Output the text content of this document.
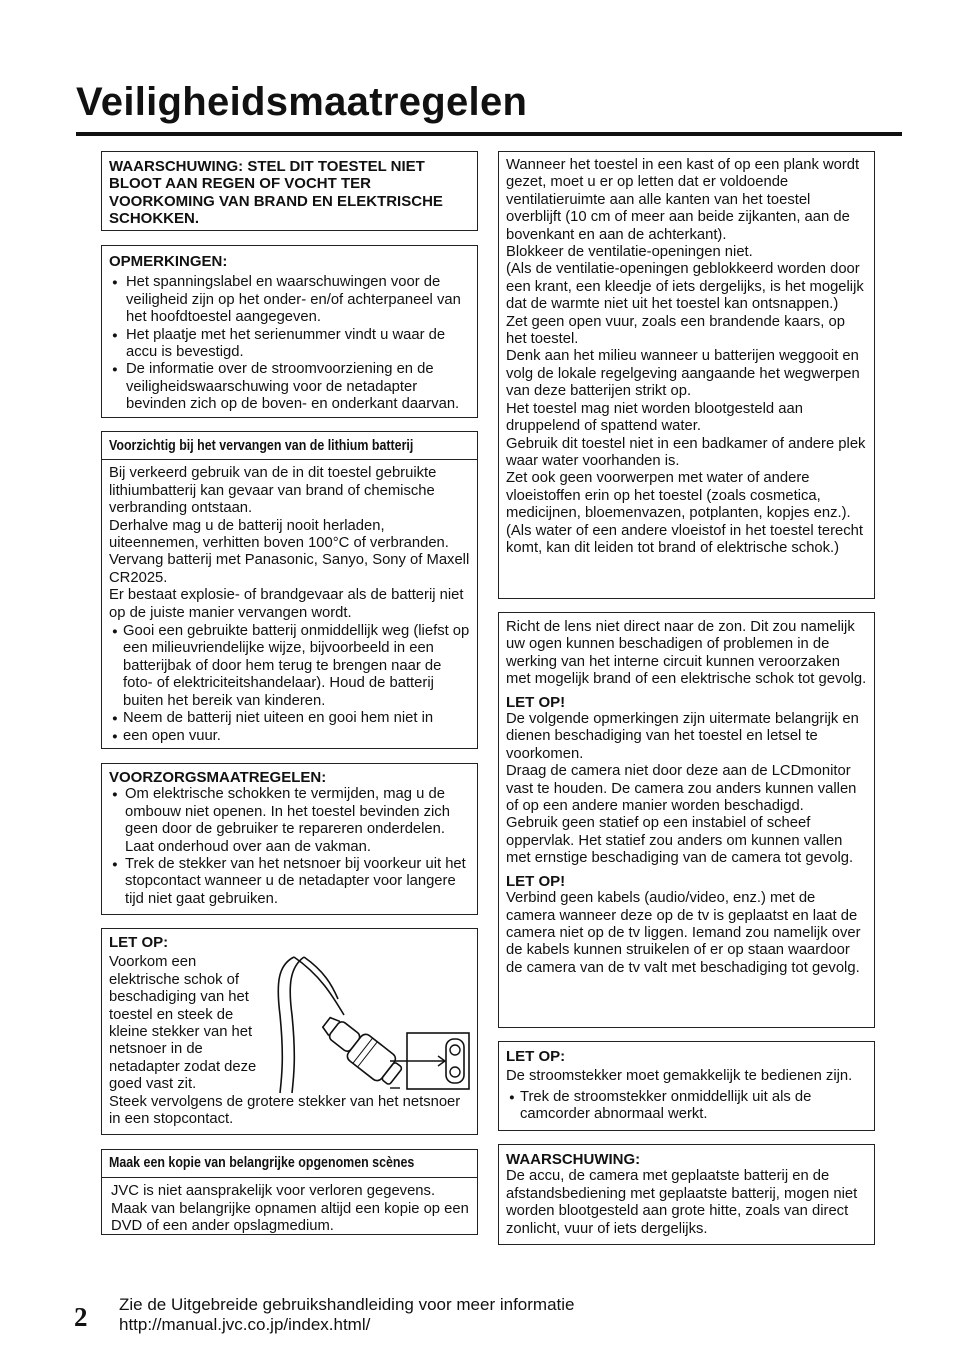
Veiligheidsmaatregelen

WAARSCHUWING: STEL DIT TOESTEL NIET BLOOT AAN REGEN OF VOCHT TER VOORKOMING VAN BRAND EN ELEKTRISCHE SCHOKKEN.

OPMERKINGEN:

● Het spanningslabel en waarschuwingen voor de veiligheid zijn op het onder- en/of achterpaneel van het hoofdtoestel aangegeven.
● Het plaatje met het serienummer vindt u waar de accu is bevestigd.
● De informatie over de stroomvoorziening en de veiligheidswaarschuwing voor de netadapter bevinden zich op de boven- en onderkant daarvan.

Voorzichtig bij het vervangen van de lithium batterij

Bij verkeerd gebruik van de in dit toestel gebruikte lithiumbatterij kan gevaar van brand of chemische verbranding ontstaan.

Derhalve mag u de batterij nooit herladen, uiteennemen, verhitten boven 100°C of verbranden.

Vervang batterij met Panasonic, Sanyo, Sony of Maxell CR2025.

Er bestaat explosie- of brandgevaar als de batterij niet op de juiste manier vervangen wordt.

● Gooi een gebruikte batterij onmiddellijk weg (liefst op een milieuvriendelijke wijze, bijvoorbeeld in een batterijbak of door hem terug te brengen naar de foto- of elektriciteitshandelaar). Houd de batterij buiten het bereik van kinderen.
● Neem de batterij niet uiteen en gooi hem niet in
● een open vuur.

VOORZORGSMAATREGELEN:

● Om elektrische schokken te vermijden, mag u de ombouw niet openen. In het toestel bevinden zich geen door de gebruiker te repareren onderdelen. Laat onderhoud over aan de vakman.
● Trek de stekker van het netsnoer bij voorkeur uit het stopcontact wanneer u de netadapter voor langere tijd niet gaat gebruiken.

LET OP:

Voorkom een elektrische schok of beschadiging van het toestel en steek de kleine stekker van het netsnoer in de netadapter zodat deze goed vast zit.

Steek vervolgens de grotere stekker van het netsnoer in een stopcontact.

Maak een kopie van belangrijke opgenomen scènes

JVC is niet aansprakelijk voor verloren gegevens. Maak van belangrijke opnamen altijd een kopie op een DVD of een ander opslagmedium.

Wanneer het toestel in een kast of op een plank wordt gezet, moet u er op letten dat er voldoende ventilatieruimte aan alle kanten van het toestel overblijft (10 cm of meer aan beide zijkanten, aan de bovenkant en aan de achterkant).

Blokkeer de ventilatie-openingen niet.

(Als de ventilatie-openingen geblokkeerd worden door een krant, een kleedje of iets dergelijks, is het mogelijk dat de warmte niet uit het toestel kan ontsnappen.)

Zet geen open vuur, zoals een brandende kaars, op het toestel.

Denk aan het milieu wanneer u batterijen weggooit en volg de lokale regelgeving aangaande het wegwerpen van deze batterijen strikt op.

Het toestel mag niet worden blootgesteld aan druppelend of spattend water.

Gebruik dit toestel niet in een badkamer of andere plek waar water voorhanden is.

Zet ook geen voorwerpen met water of andere vloeistoffen erin op het toestel (zoals cosmetica, medicijnen, bloemenvazen, potplanten, kopjes enz.).

(Als water of een andere vloeistof in het toestel terecht komt, kan dit leiden tot brand of elektrische schok.)

Richt de lens niet direct naar de zon. Dit zou namelijk uw ogen kunnen beschadigen of problemen in de werking van het interne circuit kunnen veroorzaken met mogelijk brand of een elektrische schok tot gevolg.

LET OP!

De volgende opmerkingen zijn uitermate belangrijk en dienen beschadiging van het toestel en letsel te voorkomen.

Draag de camera niet door deze aan de LCDmonitor vast te houden. De camera zou anders kunnen vallen of op een andere manier worden beschadigd.

Gebruik geen statief op een instabiel of scheef oppervlak. Het statief zou anders om kunnen vallen met ernstige beschadiging van de camera tot gevolg.

LET OP!

Verbind geen kabels (audio/video, enz.) met de camera wanneer deze op de tv is geplaatst en laat de camera niet op de tv liggen. Iemand zou namelijk over de kabels kunnen struikelen of er op staan waardoor de camera van de tv valt met beschadiging tot gevolg.

LET OP:

De stroomstekker moet gemakkelijk te bedienen zijn.

● Trek de stroomstekker onmiddellijk uit als de camcorder abnormaal werkt.

WAARSCHUWING:

De accu, de camera met geplaatste batterij en de afstandsbediening met geplaatste batterij, mogen niet worden blootgesteld aan grote hitte, zoals van direct zonlicht, vuur of iets dergelijks.

2 Zie de Uitgebreide gebruikshandleiding voor meer informatie
http://manual.jvc.co.jp/index.html/
